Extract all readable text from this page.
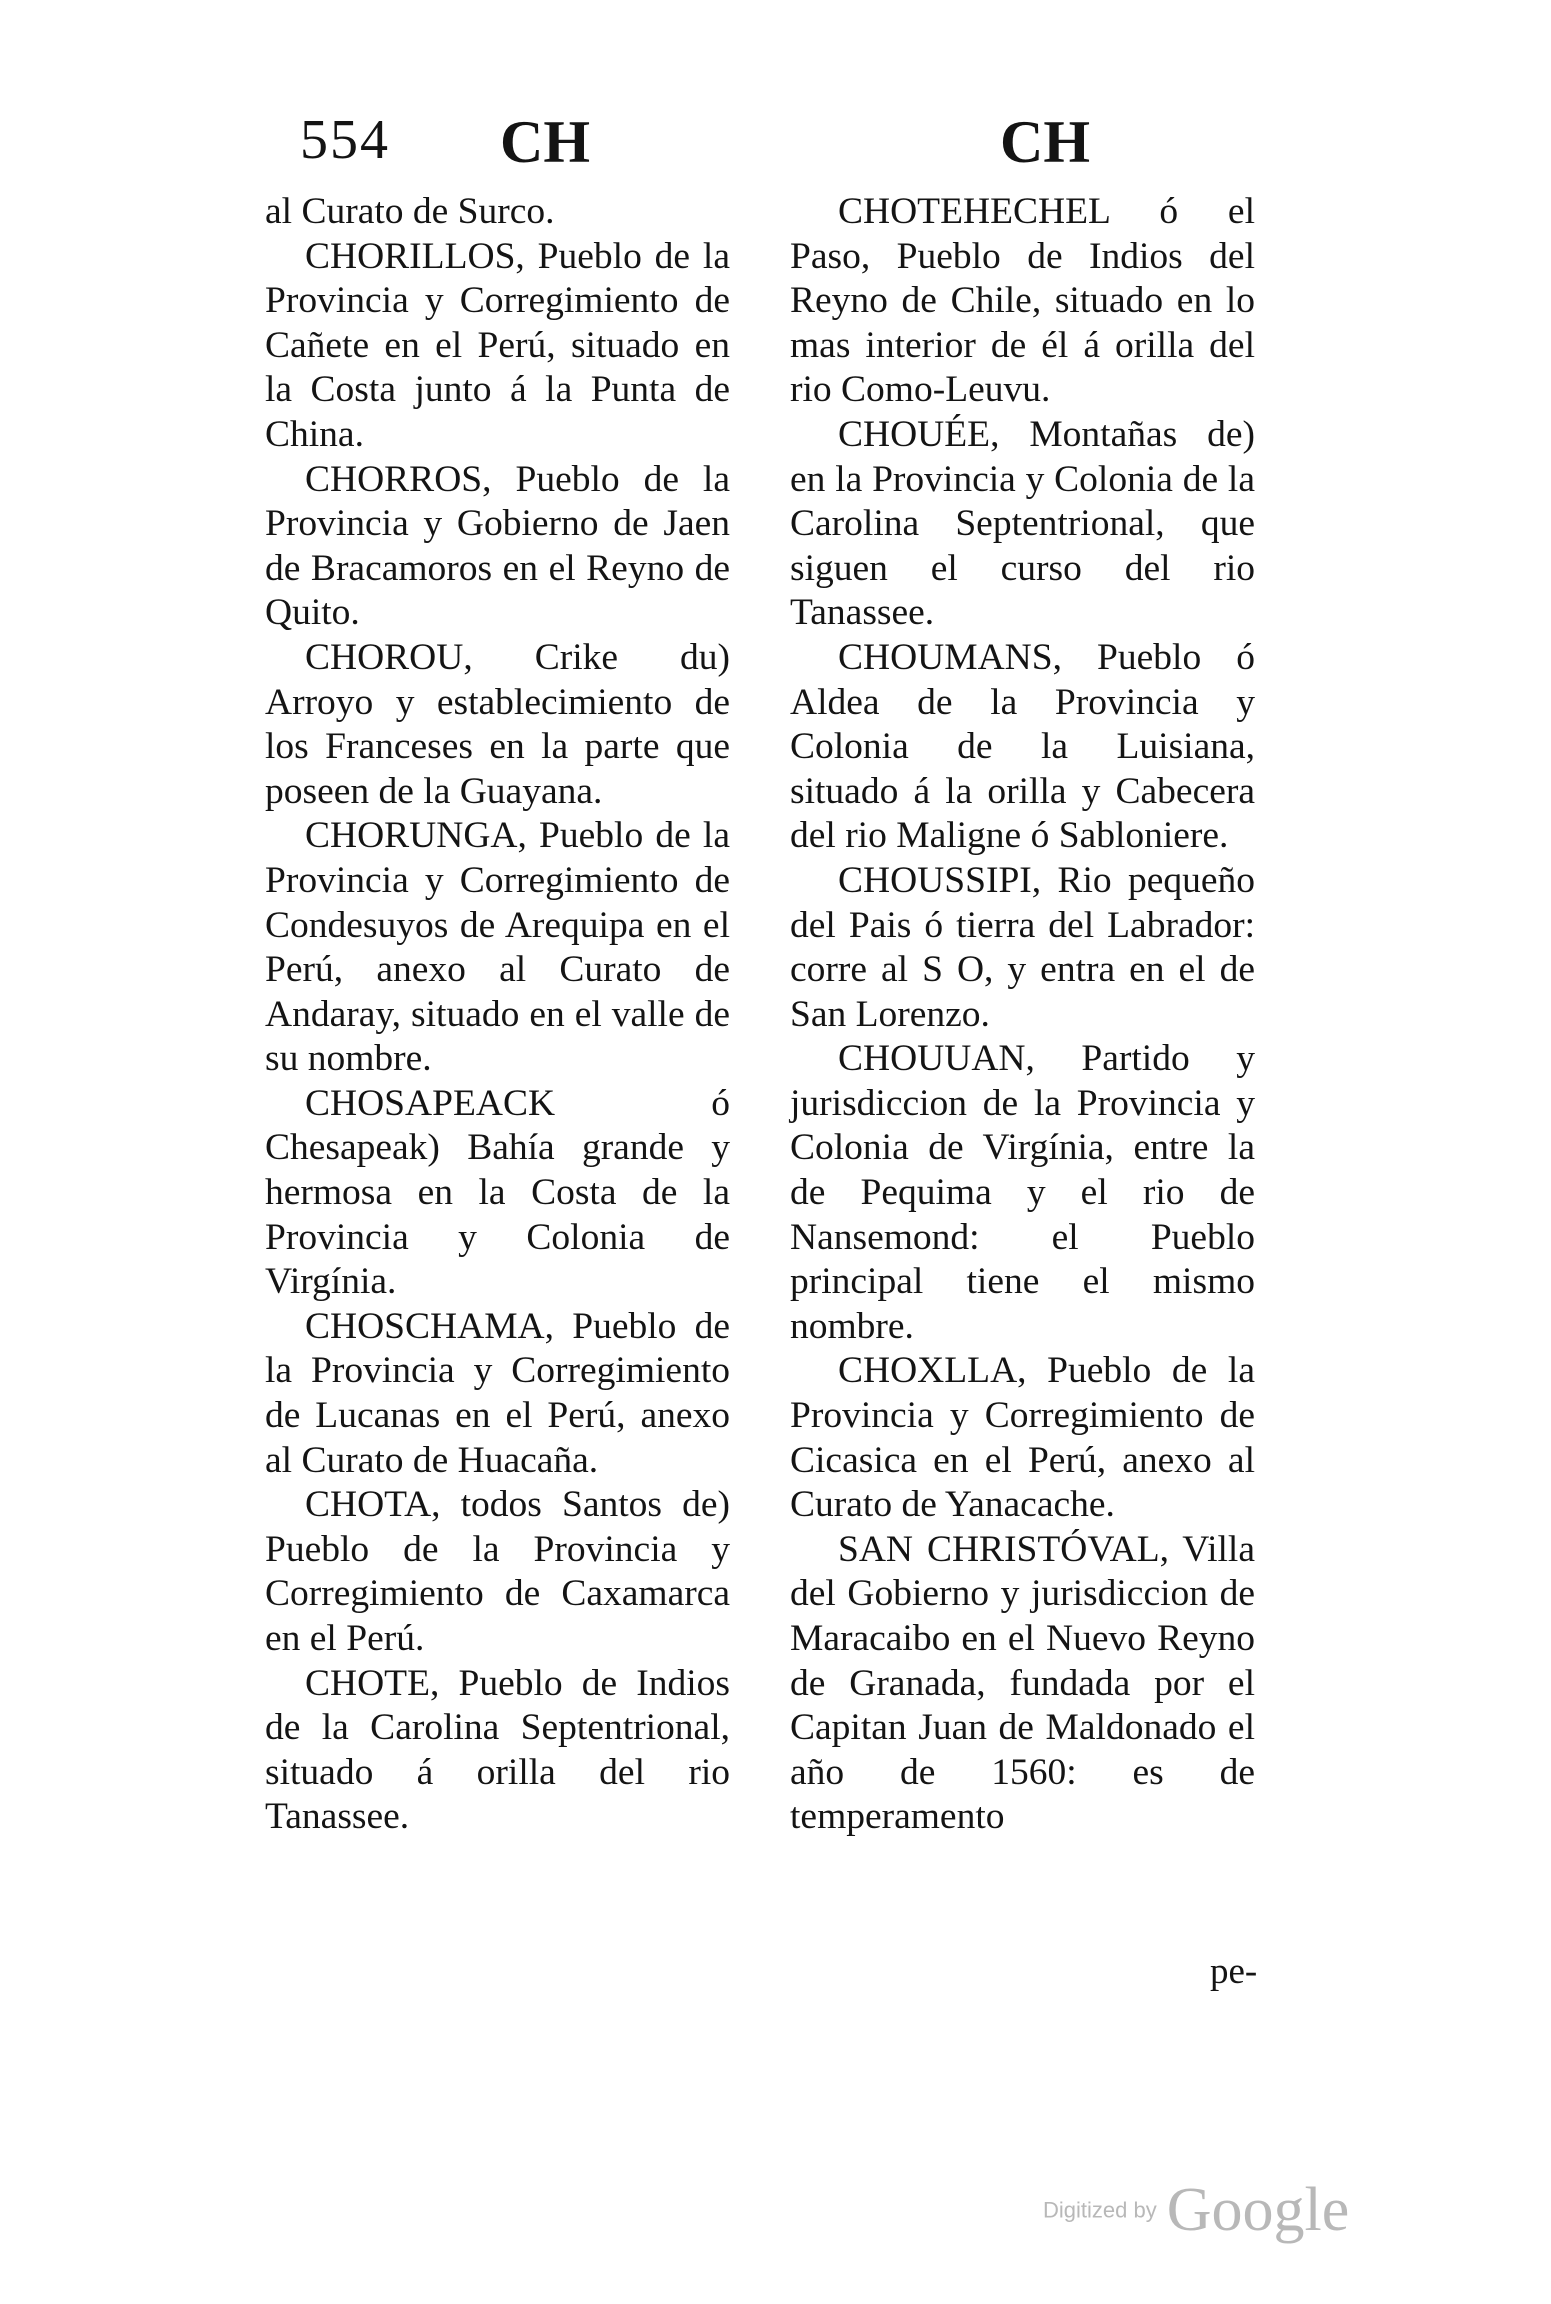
554 CH	CH

al Curato de Surco.

CHORILLOS, Pueblo de la Provincia y Corregimiento de Cañete en el Perú, situado en la Costa junto á la Punta de China.

CHORROS, Pueblo de la Provincia y Gobierno de Jaen de Bracamoros en el Reyno de Quito.

CHOROU, Crike du) Arroyo y establecimiento de los Franceses en la parte que poseen de la Guayana.

CHORUNGA, Pueblo de la Provincia y Corregimiento de Condesuyos de Arequipa en el Perú, anexo al Curato de Andaray, situado en el valle de su nombre.

CHOSAPEACK ó Chesapeak) Bahía grande y hermosa en la Costa de la Provincia y Colonia de Virgínia.

CHOSCHAMA, Pueblo de la Provincia y Corregimiento de Lucanas en el Perú, anexo al Curato de Huacaña.

CHOTA, todos Santos de) Pueblo de la Provincia y Corregimiento de Caxamarca en el Perú.

CHOTE, Pueblo de Indios de la Carolina Septentrional, situado á orilla del rio Tanassee.

CHOTEHECHEL ó el Paso, Pueblo de Indios del Reyno de Chile, situado en lo mas interior de él á orilla del rio Como-Leuvu.

CHOUÉE, Montañas de) en la Provincia y Colonia de la Carolina Septentrional, que siguen el curso del rio Tanassee.

CHOUMANS, Pueblo ó Aldea de la Provincia y Colonia de la Luisiana, situado á la orilla y Cabecera del rio Maligne ó Sabloniere.

CHOUSSIPI, Rio pequeño del Pais ó tierra del Labrador: corre al S O, y entra en el de San Lorenzo.

CHOUUAN, Partido y jurisdiccion de la Provincia y Colonia de Virgínia, entre la de Pequima y el rio de Nansemond: el Pueblo principal tiene el mismo nombre.

CHOXLLA, Pueblo de la Provincia y Corregimiento de Cicasica en el Perú, anexo al Curato de Yanacache.

SAN CHRISTÓVAL, Villa del Gobierno y jurisdiccion de Maracaibo en el Nuevo Reyno de Granada, fundada por el Capitan Juan de Maldonado el año de 1560: es de temperamento

pe-
Digitized by Google
